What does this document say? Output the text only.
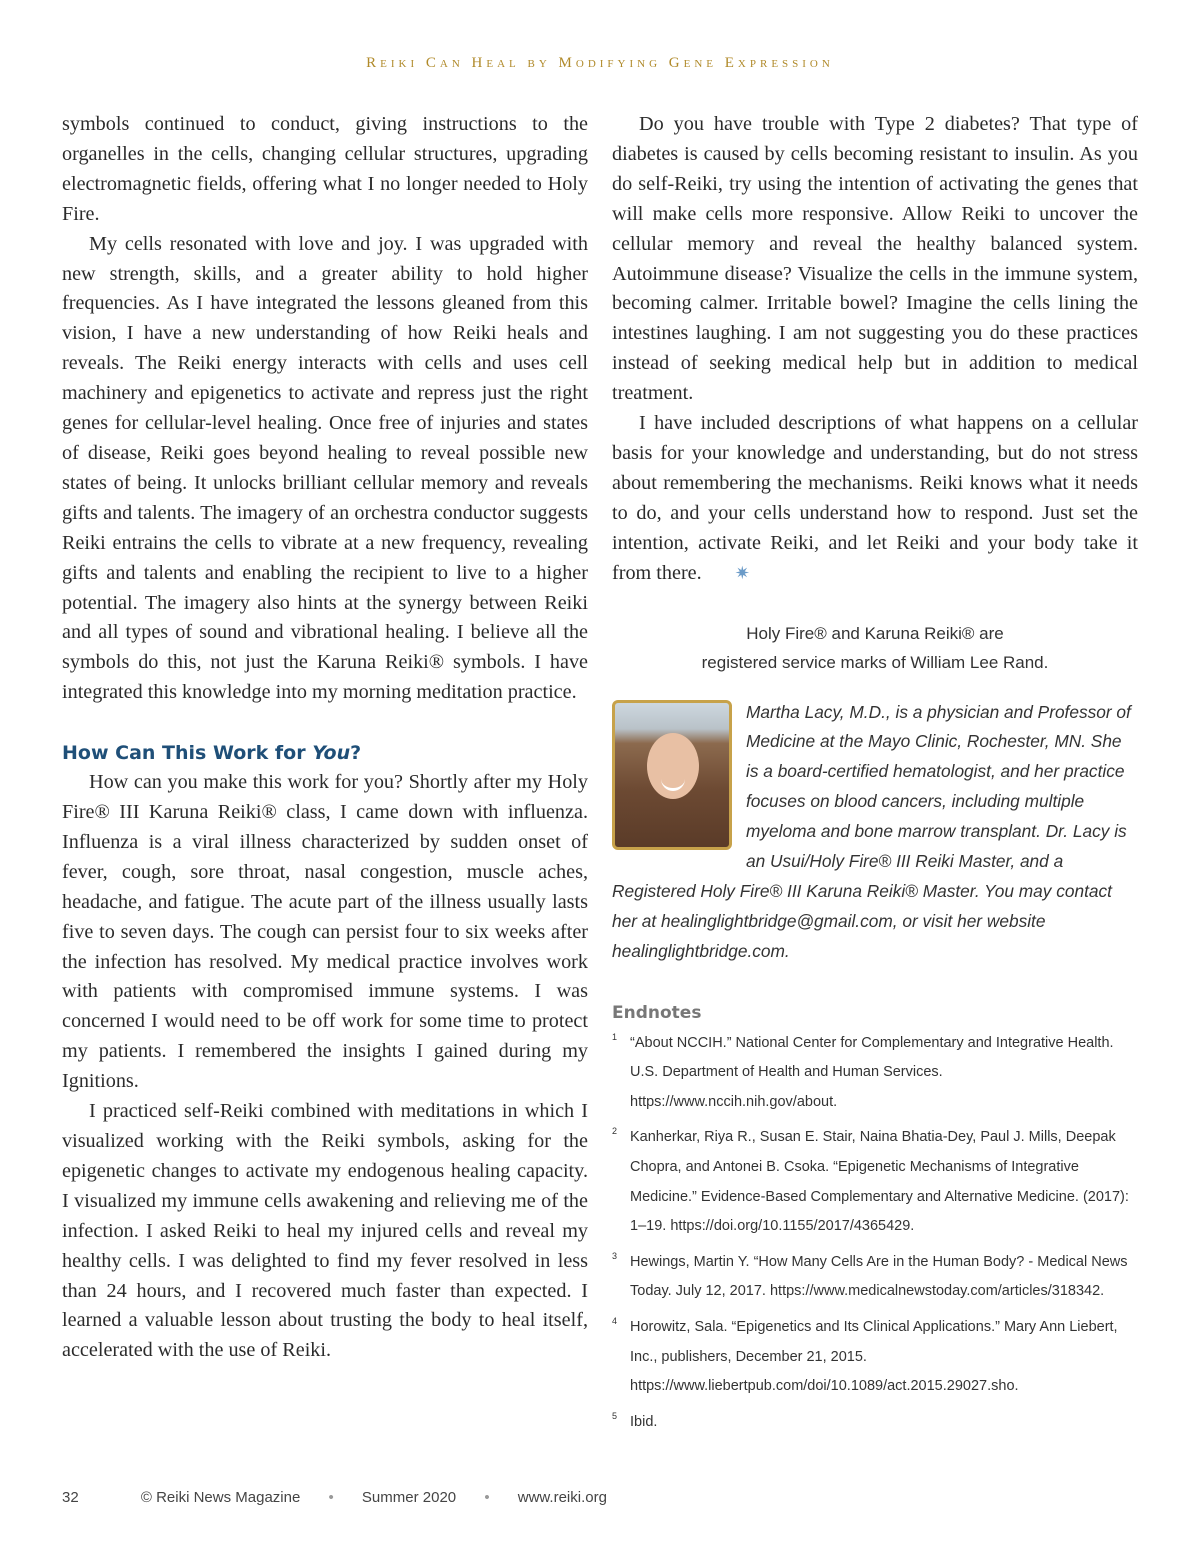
Reiki Can Heal by Modifying Gene Expression

symbols continued to conduct, giving instructions to the organelles in the cells, changing cellular structures, upgrading electromagnetic fields, offering what I no longer needed to Holy Fire.

My cells resonated with love and joy. I was upgraded with new strength, skills, and a greater ability to hold higher frequencies. As I have integrated the lessons gleaned from this vision, I have a new understanding of how Reiki heals and reveals. The Reiki energy interacts with cells and uses cell machinery and epigenetics to activate and repress just the right genes for cellular-level healing. Once free of injuries and states of disease, Reiki goes beyond healing to reveal possible new states of being. It unlocks brilliant cellular memory and reveals gifts and talents. The imagery of an orchestra conductor suggests Reiki entrains the cells to vibrate at a new frequency, revealing gifts and talents and enabling the recipient to live to a higher potential. The imagery also hints at the synergy between Reiki and all types of sound and vibrational healing. I believe all the symbols do this, not just the Karuna Reiki® symbols. I have integrated this knowledge into my morning meditation practice.

How Can This Work for You?

How can you make this work for you? Shortly after my Holy Fire® III Karuna Reiki® class, I came down with influenza. Influenza is a viral illness characterized by sudden onset of fever, cough, sore throat, nasal congestion, muscle aches, headache, and fatigue. The acute part of the illness usually lasts five to seven days. The cough can persist four to six weeks after the infection has resolved. My medical practice involves work with patients with compromised immune systems. I was concerned I would need to be off work for some time to protect my patients. I remembered the insights I gained during my Ignitions.

I practiced self-Reiki combined with meditations in which I visualized working with the Reiki symbols, asking for the epigenetic changes to activate my endogenous healing capacity. I visualized my immune cells awakening and relieving me of the infection. I asked Reiki to heal my injured cells and reveal my healthy cells. I was delighted to find my fever resolved in less than 24 hours, and I recovered much faster than expected. I learned a valuable lesson about trusting the body to heal itself, accelerated with the use of Reiki.

Do you have trouble with Type 2 diabetes? That type of diabetes is caused by cells becoming resistant to insulin. As you do self-Reiki, try using the intention of activating the genes that will make cells more responsive. Allow Reiki to uncover the cellular memory and reveal the healthy balanced system. Autoimmune disease? Visualize the cells in the immune system, becoming calmer. Irritable bowel? Imagine the cells lining the intestines laughing. I am not suggesting you do these practices instead of seeking medical help but in addition to medical treatment.

I have included descriptions of what happens on a cellular basis for your knowledge and understanding, but do not stress about remembering the mechanisms. Reiki knows what it needs to do, and your cells understand how to respond. Just set the intention, activate Reiki, and let Reiki and your body take it from there. ✷

Holy Fire® and Karuna Reiki® are
registered service marks of William Lee Rand.
Martha Lacy, M.D., is a physician and Professor of Medicine at the Mayo Clinic, Rochester, MN. She is a board-certified hematologist, and her practice focuses on blood cancers, including multiple myeloma and bone marrow transplant. Dr. Lacy is an Usui/Holy Fire® III Reiki Master, and a Registered Holy Fire® III Karuna Reiki® Master. You may contact her at healinglightbridge@gmail.com, or visit her website healinglightbridge.com.
Endnotes
1 “About NCCIH.” National Center for Complementary and Integrative Health. U.S. Department of Health and Human Services. https://www.nccih.nih.gov/about.
2 Kanherkar, Riya R., Susan E. Stair, Naina Bhatia-Dey, Paul J. Mills, Deepak Chopra, and Antonei B. Csoka. “Epigenetic Mechanisms of Integrative Medicine.” Evidence-Based Complementary and Alternative Medicine. (2017): 1–19. https://doi.org/10.1155/2017/4365429.
3 Hewings, Martin Y. “How Many Cells Are in the Human Body? - Medical News Today. July 12, 2017. https://www.medicalnewstoday.com/articles/318342.
4 Horowitz, Sala. “Epigenetics and Its Clinical Applications.” Mary Ann Liebert, Inc., publishers, December 21, 2015. https://www.liebertpub.com/doi/10.1089/act.2015.29027.sho.
5 Ibid.
32	© Reiki News Magazine • Summer 2020 • www.reiki.org
